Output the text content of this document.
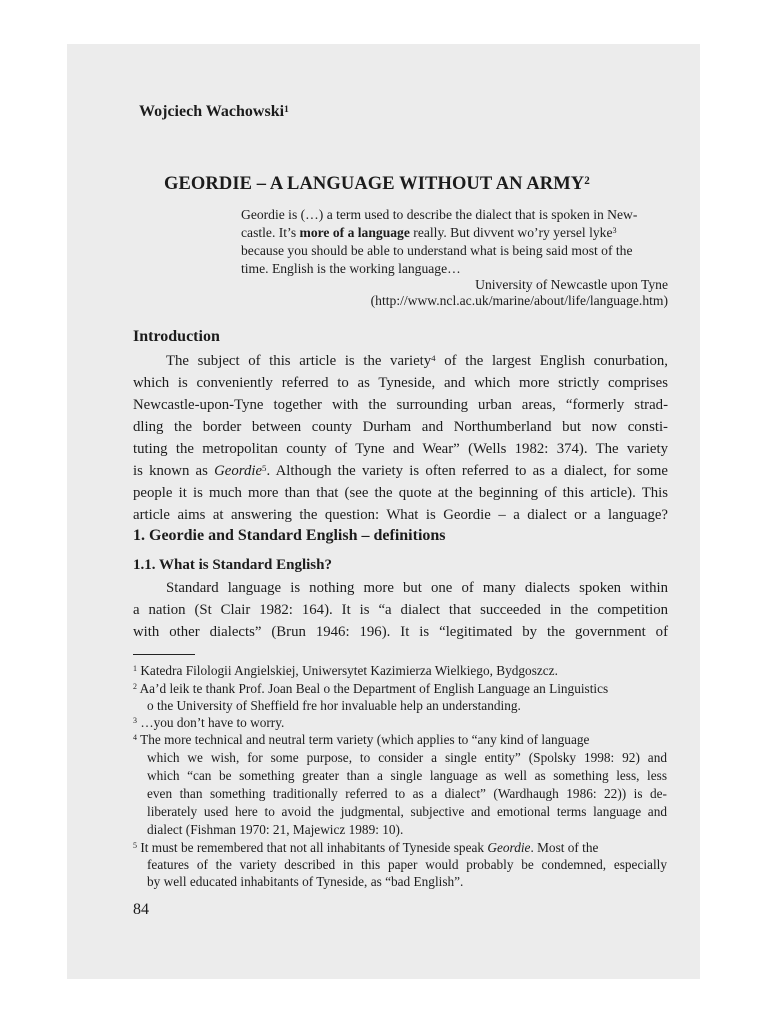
Wojciech Wachowski$^1$
GEORDIE – A LANGUAGE WITHOUT AN ARMY$^2$
Geordie is (…) a term used to describe the dialect that is spoken in New-
castle. It’s more of a language really. But divvent wo’ry yersel lyke$^3$
because you should be able to understand what is being said most of the
time. English is the working language…
University of Newcastle upon Tyne
(http://www.ncl.ac.uk/marine/about/life/language.htm)
Introduction
The subject of this article is the variety$^4$ of the largest English conurbation,
which is conveniently referred to as Tyneside, and which more strictly comprises
Newcastle-upon-Tyne together with the surrounding urban areas, “formerly strad-
dling the border between county Durham and Northumberland but now consti-
tuting the metropolitan county of Tyne and Wear” (Wells 1982: 374). The variety
is known as Geordie$^5$. Although the variety is often referred to as a dialect, for some
people it is much more than that (see the quote at the beginning of this article). This
article aims at answering the question: What is Geordie – a dialect or a language?
1. Geordie and Standard English – definitions
1.1. What is Standard English?
Standard language is nothing more but one of many dialects spoken within
a nation (St Clair 1982: 164). It is “a dialect that succeeded in the competition
with other dialects” (Brun 1946: 196). It is “legitimated by the government of
$^1$ Katedra Filologii Angielskiej, Uniwersytet Kazimierza Wielkiego, Bydgoszcz.
$^2$ Aa’d leik te thank Prof. Joan Beal o the Department of English Language an Linguistics
o the University of Sheffield fre hor invaluable help an understanding.
$^3$ …you don’t have to worry.
$^4$ The more technical and neutral term variety (which applies to “any kind of language
which we wish, for some purpose, to consider a single entity” (Spolsky 1998: 92) and
which “can be something greater than a single language as well as something less, less
even than something traditionally referred to as a dialect” (Wardhaugh 1986: 22)) is de-
liberately used here to avoid the judgmental, subjective and emotional terms language and
dialect (Fishman 1970: 21, Majewicz 1989: 10).
$^5$ It must be remembered that not all inhabitants of Tyneside speak Geordie. Most of the
features of the variety described in this paper would probably be condemned, especially
by well educated inhabitants of Tyneside, as “bad English”.
84
